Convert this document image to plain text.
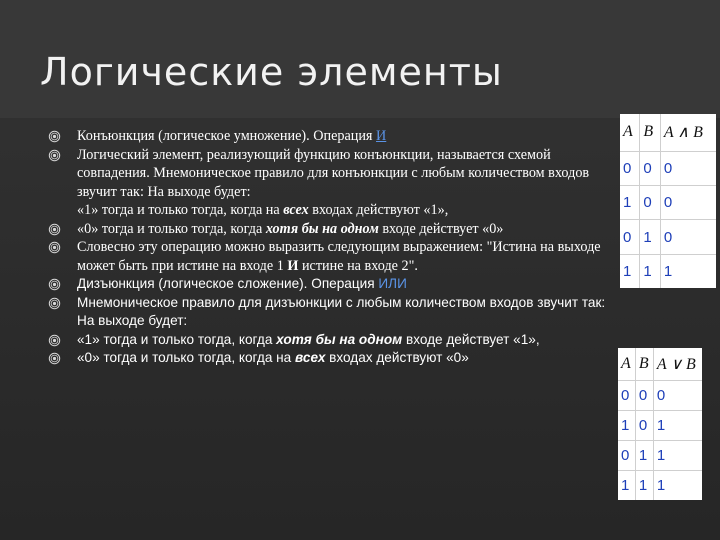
Логические элементы
Конъюнкция (логическое умножение). Операция И
Логический элемент, реализующий функцию конъюнкции, называется схемой совпадения. Мнемоническое правило для конъюнкции с любым количеством входов звучит так: На выходе будет:
«1» тогда и только тогда, когда на всех входах действуют «1»,
«0» тогда и только тогда, когда хотя бы на одном входе действует «0»
Словесно эту операцию можно выразить следующим выражением: "Истина на выходе может быть при истине на входе 1 И истине на входе 2".
Дизъюнкция (логическое сложение). Операция ИЛИ
Мнемоническое правило для дизъюнкции с любым количеством входов звучит так: На выходе будет:
«1» тогда и только тогда, когда хотя бы на одном входе действует «1»,
«0» тогда и только тогда, когда на всех входах действуют «0»
A	B	A ∧ B
0	0	0
1	0	0
0	1	0
1	1	1
A	B	A ∨ B
0	0	0
1	0	1
0	1	1
1	1	1
